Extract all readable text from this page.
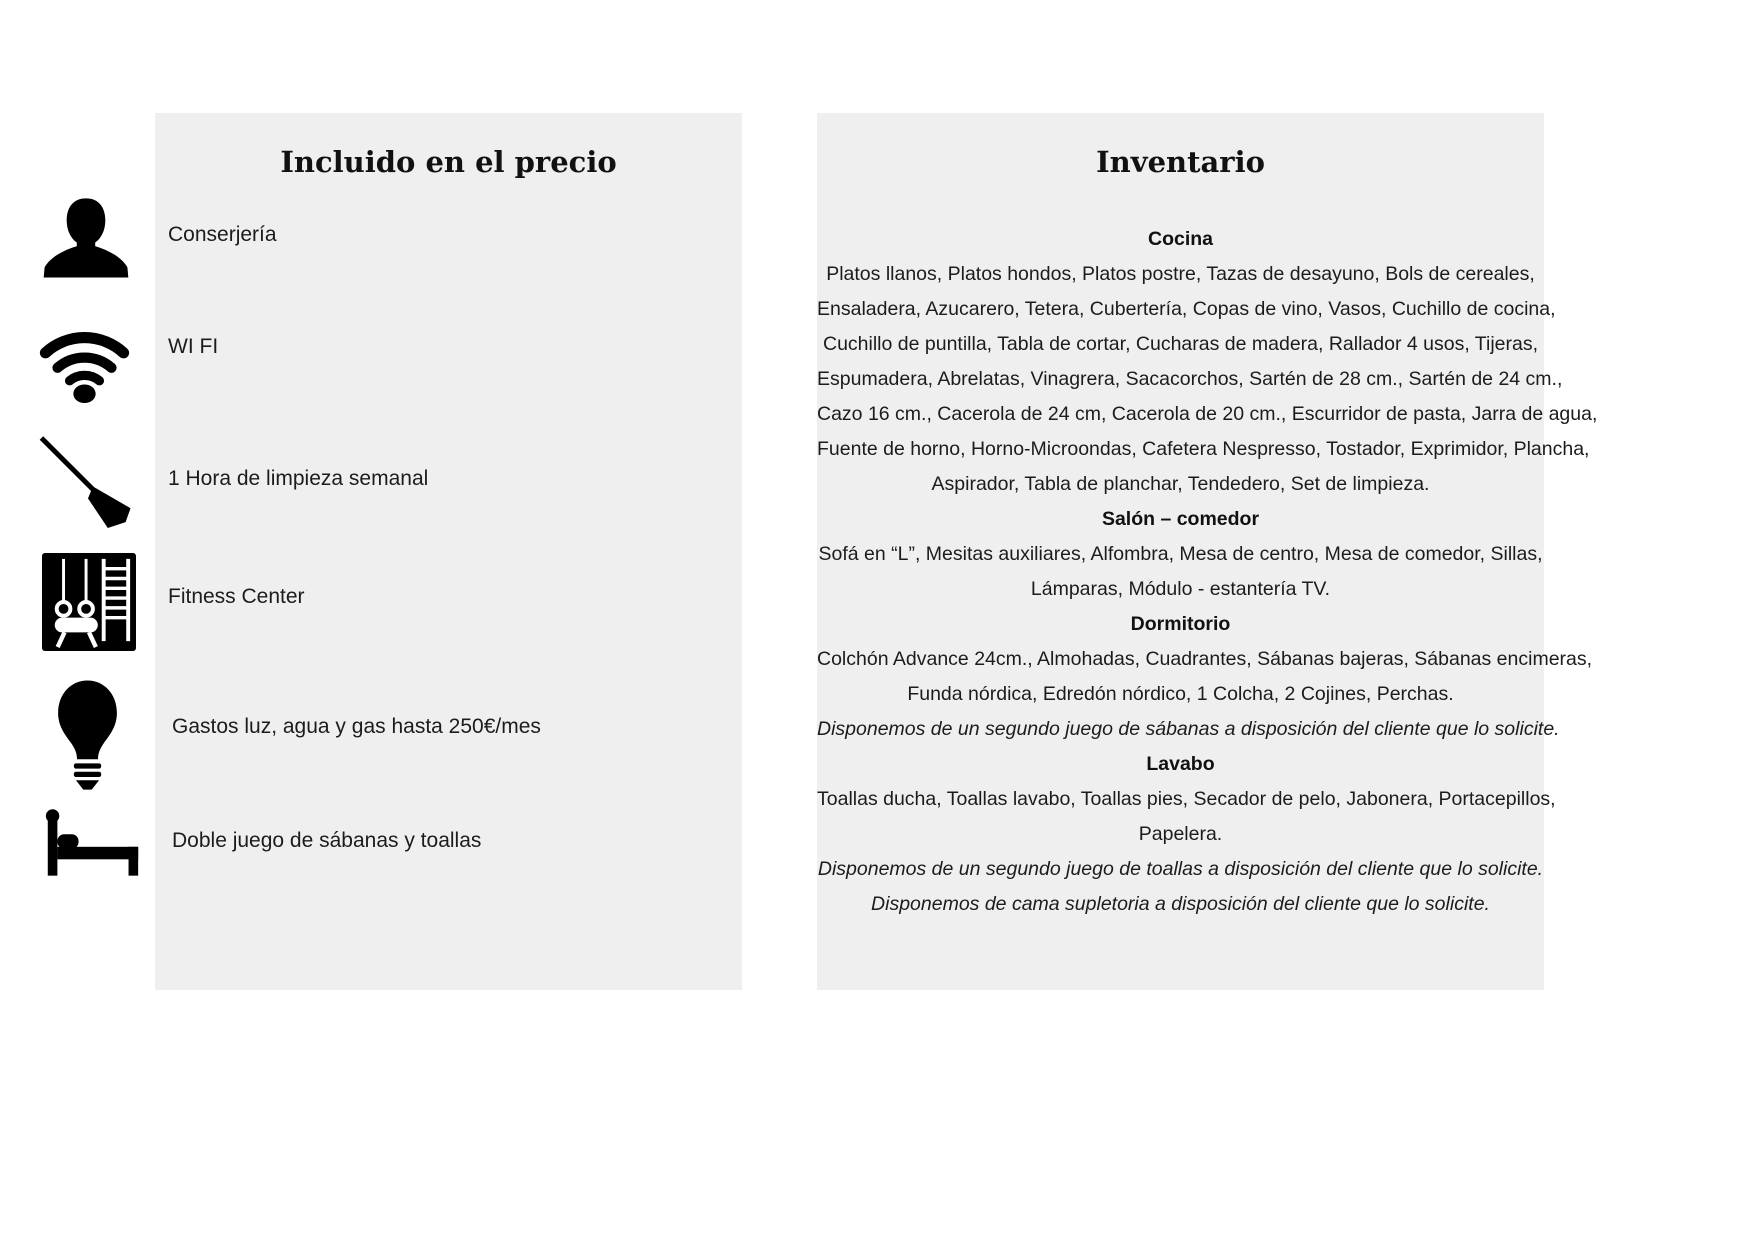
Incluido en el precio
Conserjería
WI FI
1 Hora de limpieza semanal
Fitness Center
Gastos luz, agua y gas hasta 250€/mes
Doble juego de sábanas y toallas
Inventario
Cocina
Platos llanos, Platos hondos, Platos postre, Tazas de desayuno, Bols de cereales,
Ensaladera, Azucarero, Tetera, Cubertería, Copas de vino, Vasos, Cuchillo de cocina,
Cuchillo de puntilla, Tabla de cortar, Cucharas de madera, Rallador 4 usos, Tijeras,
Espumadera, Abrelatas, Vinagrera, Sacacorchos, Sartén de 28 cm., Sartén de 24 cm.,
Cazo 16 cm., Cacerola de 24 cm, Cacerola de 20 cm., Escurridor de pasta, Jarra de agua,
Fuente de horno, Horno-Microondas, Cafetera Nespresso, Tostador, Exprimidor, Plancha,
Aspirador, Tabla de planchar, Tendedero, Set de limpieza.
Salón – comedor
Sofá en “L”, Mesitas auxiliares, Alfombra, Mesa de centro, Mesa de comedor, Sillas,
Lámparas, Módulo - estantería TV.
Dormitorio
Colchón Advance 24cm., Almohadas, Cuadrantes, Sábanas bajeras, Sábanas encimeras,
Funda nórdica, Edredón nórdico, 1 Colcha, 2 Cojines, Perchas.
Disponemos de un segundo juego de sábanas a disposición del cliente que lo solicite.
Lavabo
Toallas ducha, Toallas lavabo, Toallas pies, Secador de pelo, Jabonera, Portacepillos,
Papelera.
Disponemos de un segundo juego de toallas a disposición del cliente que lo solicite.
Disponemos de cama supletoria a disposición del cliente que lo solicite.
